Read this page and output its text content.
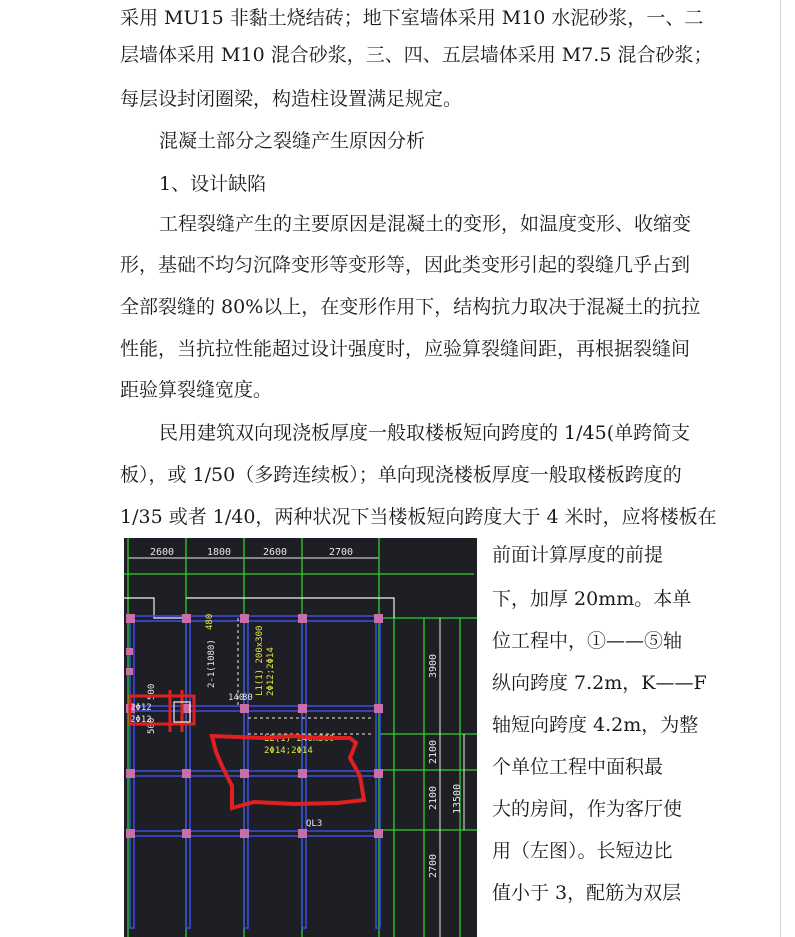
采用 MU15 非黏土烧结砖；地下室墙体采用 M10 水泥砂浆，一、二
层墙体采用 M10 混合砂浆，三、四、五层墙体采用 M7.5 混合砂浆；
每层设封闭圈梁，构造柱设置满足规定。
混凝土部分之裂缝产生原因分析
1、设计缺陷
工程裂缝产生的主要原因是混凝土的变形，如温度变形、收缩变
形，基础不均匀沉降变形等变形等，因此类变形引起的裂缝几乎占到
全部裂缝的 80%以上，在变形作用下，结构抗力取决于混凝土的抗拉
性能，当抗拉性能超过设计强度时，应验算裂缝间距，再根据裂缝间
距验算裂缝宽度。
民用建筑双向现浇板厚度一般取楼板短向跨度的 1/45(单跨简支
板），或 1/50（多跨连续板）；单向现浇楼板厚度一般取楼板跨度的
1/35 或者 1/40，两种状况下当楼板短向跨度大于 4 米时，应将楼板在
前面计算厚度的前提
下，加厚 20mm。本单
位工程中，①——⑤轴
纵向跨度 7.2m，K——F
轴短向跨度 4.2m，为整
个单位工程中面积最
大的房间，作为客厅使
用（左图）。长短边比
值小于 3，配筋为双层
2600	1800	2600	2700
480
2-1(1080)	L1(1) 200x300 2Φ12;2Φ14
500
500
2Φ12
2Φ12
140
80
L2(1) 240x300
2Φ14;2Φ14
QL3
3900
2100
2100 13500
2700
